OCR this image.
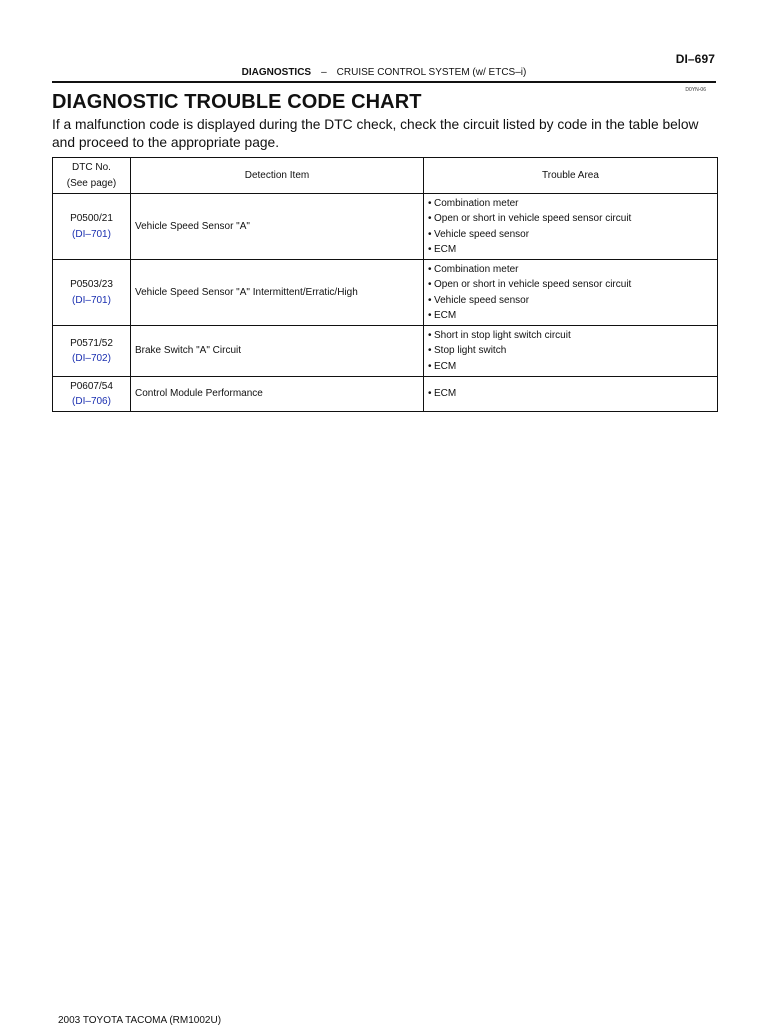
DI–697
DIAGNOSTICS – CRUISE CONTROL SYSTEM (w/ ETCS–i)
D0YN-06
DIAGNOSTIC TROUBLE CODE CHART
If a malfunction code is displayed during the DTC check, check the circuit listed by code in the table below
and proceed to the appropriate page.
DTC No.
(See page)	Detection Item	Trouble Area
P0500/21
(DI–701)	Vehicle Speed Sensor "A"	• Combination meter
• Open or short in vehicle speed sensor circuit
• Vehicle speed sensor
• ECM

P0503/23
(DI–701)	Vehicle Speed Sensor "A" Intermittent/Erratic/High	• Combination meter
• Open or short in vehicle speed sensor circuit
• Vehicle speed sensor
• ECM

P0571/52
(DI–702)	Brake Switch "A" Circuit	• Short in stop light switch circuit
• Stop light switch
• ECM

P0607/54
(DI–706)	Control Module Performance	• ECM
2003 TOYOTA TACOMA (RM1002U)
